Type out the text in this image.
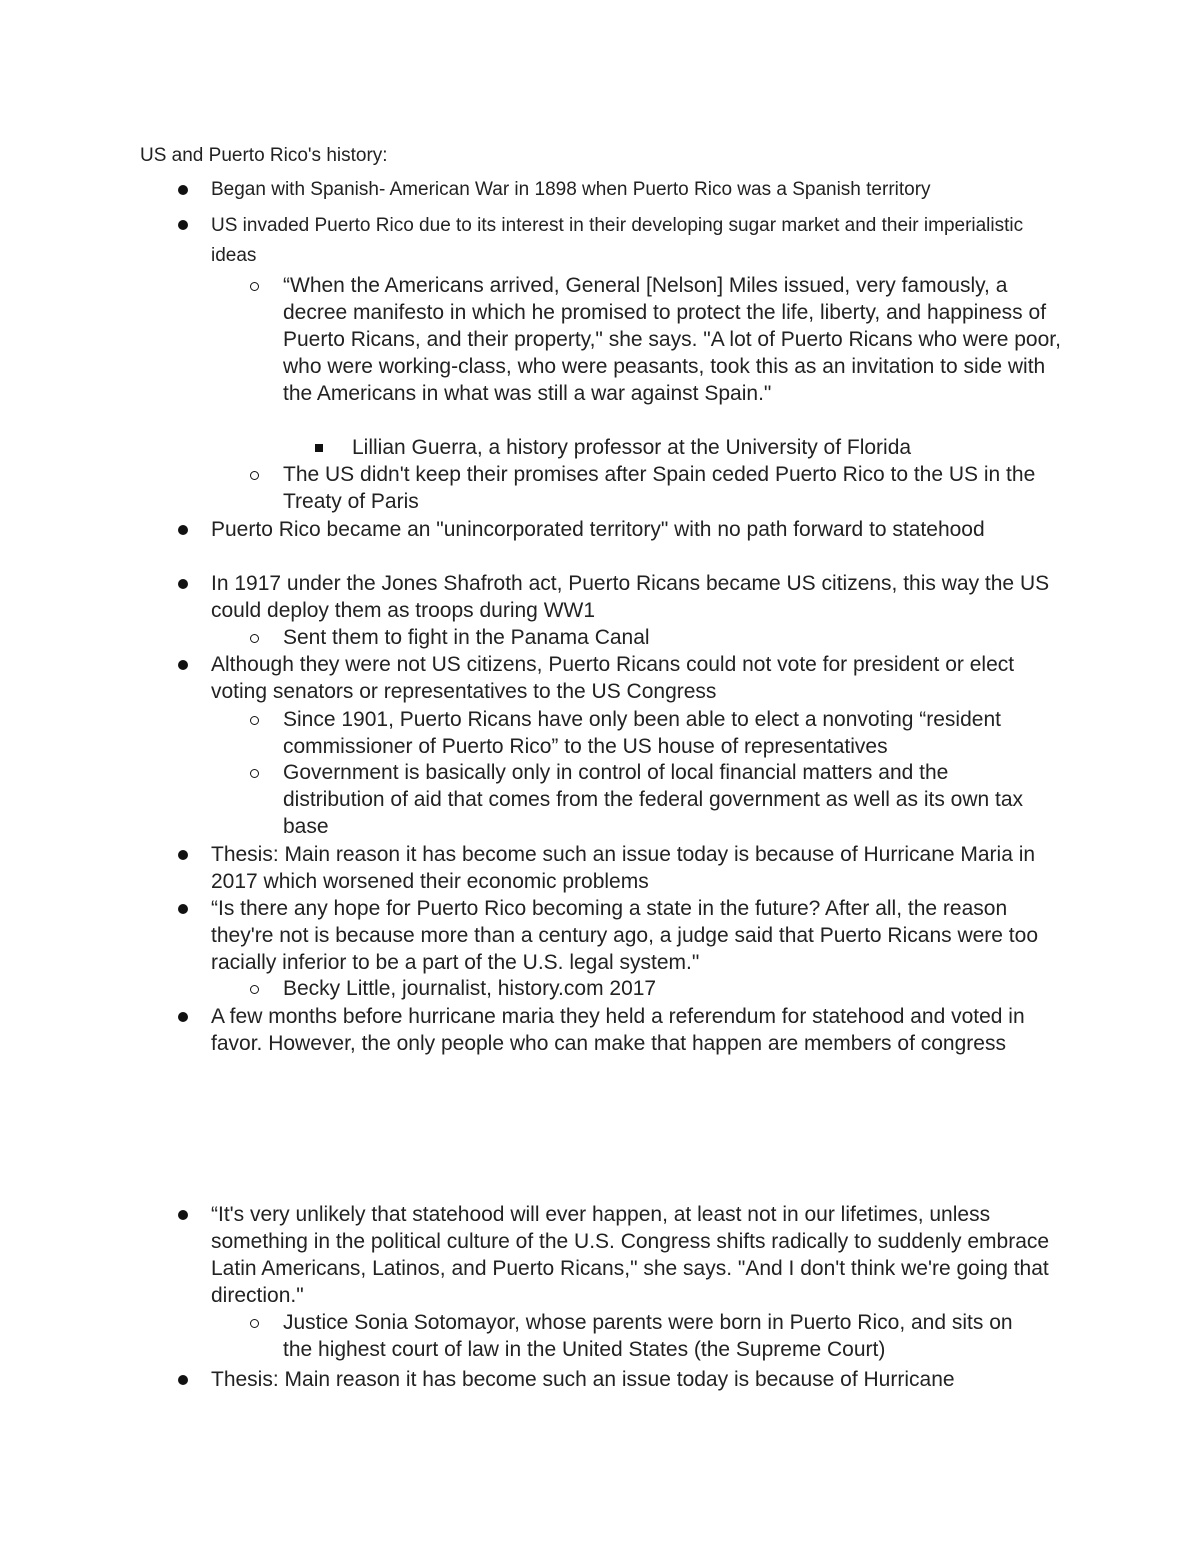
US and Puerto Rico's history:
Began with Spanish- American War in 1898 when Puerto Rico was a Spanish territory
US invaded Puerto Rico due to its interest in their developing sugar market and their imperialistic ideas
“When the Americans arrived, General [Nelson] Miles issued, very famously, a decree manifesto in which he promised to protect the life, liberty, and happiness of Puerto Ricans, and their property," she says. "A lot of Puerto Ricans who were poor, who were working-class, who were peasants, took this as an invitation to side with the Americans in what was still a war against Spain."
Lillian Guerra, a history professor at the University of Florida
The US didn't keep their promises after Spain ceded Puerto Rico to the US in the Treaty of Paris
Puerto Rico became an "unincorporated territory" with no path forward to statehood
In 1917 under the Jones Shafroth act, Puerto Ricans became US citizens, this way the US could deploy them as troops during WW1
Sent them to fight in the Panama Canal
Although they were not US citizens, Puerto Ricans could not vote for president or elect voting senators or representatives to the US Congress
Since 1901, Puerto Ricans have only been able to elect a nonvoting “resident commissioner of Puerto Rico” to the US house of representatives
Government is basically only in control of local financial matters and the distribution of aid that comes from the federal government as well as its own tax base
Thesis: Main reason it has become such an issue today is because of Hurricane Maria in 2017 which worsened their economic problems
“Is there any hope for Puerto Rico becoming a state in the future? After all, the reason they're not is because more than a century ago, a judge said that Puerto Ricans were too racially inferior to be a part of the U.S. legal system."
Becky Little, journalist, history.com 2017
A few months before hurricane maria they held a referendum for statehood and voted in favor. However, the only people who can make that happen are members of congress
“It's very unlikely that statehood will ever happen, at least not in our lifetimes, unless something in the political culture of the U.S. Congress shifts radically to suddenly embrace Latin Americans, Latinos, and Puerto Ricans," she says. "And I don't think we're going that direction."
Justice Sonia Sotomayor, whose parents were born in Puerto Rico, and sits on the highest court of law in the United States (the Supreme Court)
Thesis: Main reason it has become such an issue today is because of Hurricane
